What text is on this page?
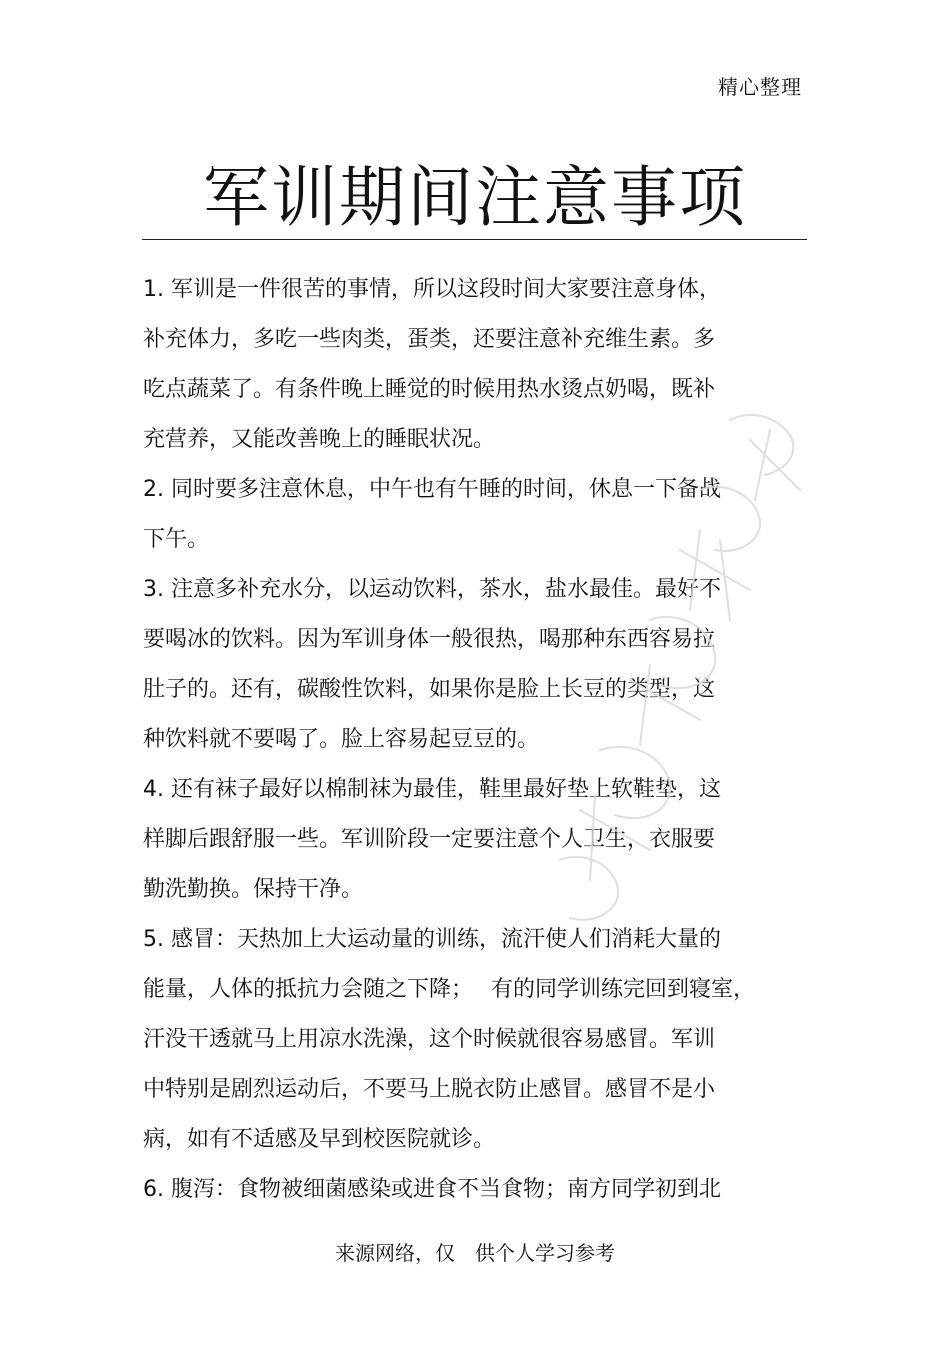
精心整理
军训期间注意事项
1. 军训是一件很苦的事情，所以这段时间大家要注意身体，
补充体力，多吃一些肉类，蛋类，还要注意补充维生素。多
吃点蔬菜了。有条件晚上睡觉的时候用热水烫点奶喝，既补
充营养，又能改善晚上的睡眠状况。
2. 同时要多注意休息，中午也有午睡的时间，休息一下备战
下午。
3. 注意多补充水分，以运动饮料，茶水，盐水最佳。最好不
要喝冰的饮料。因为军训身体一般很热，喝那种东西容易拉
肚子的。还有，碳酸性饮料，如果你是脸上长豆的类型，这
种饮料就不要喝了。脸上容易起豆豆的。
4. 还有袜子最好以棉制袜为最佳，鞋里最好垫上软鞋垫，这
样脚后跟舒服一些。军训阶段一定要注意个人卫生，衣服要
勤洗勤换。保持干净。
5. 感冒：天热加上大运动量的训练，流汗使人们消耗大量的
能量，人体的抵抗力会随之下降；　 有的同学训练完回到寝室，
汗没干透就马上用凉水洗澡，这个时候就很容易感冒。军训
中特别是剧烈运动后，不要马上脱衣防止感冒。感冒不是小
病，如有不适感及早到校医院就诊。
6. 腹泻：食物被细菌感染或进食不当食物；南方同学初到北
来源网络，仅　供个人学习参考
